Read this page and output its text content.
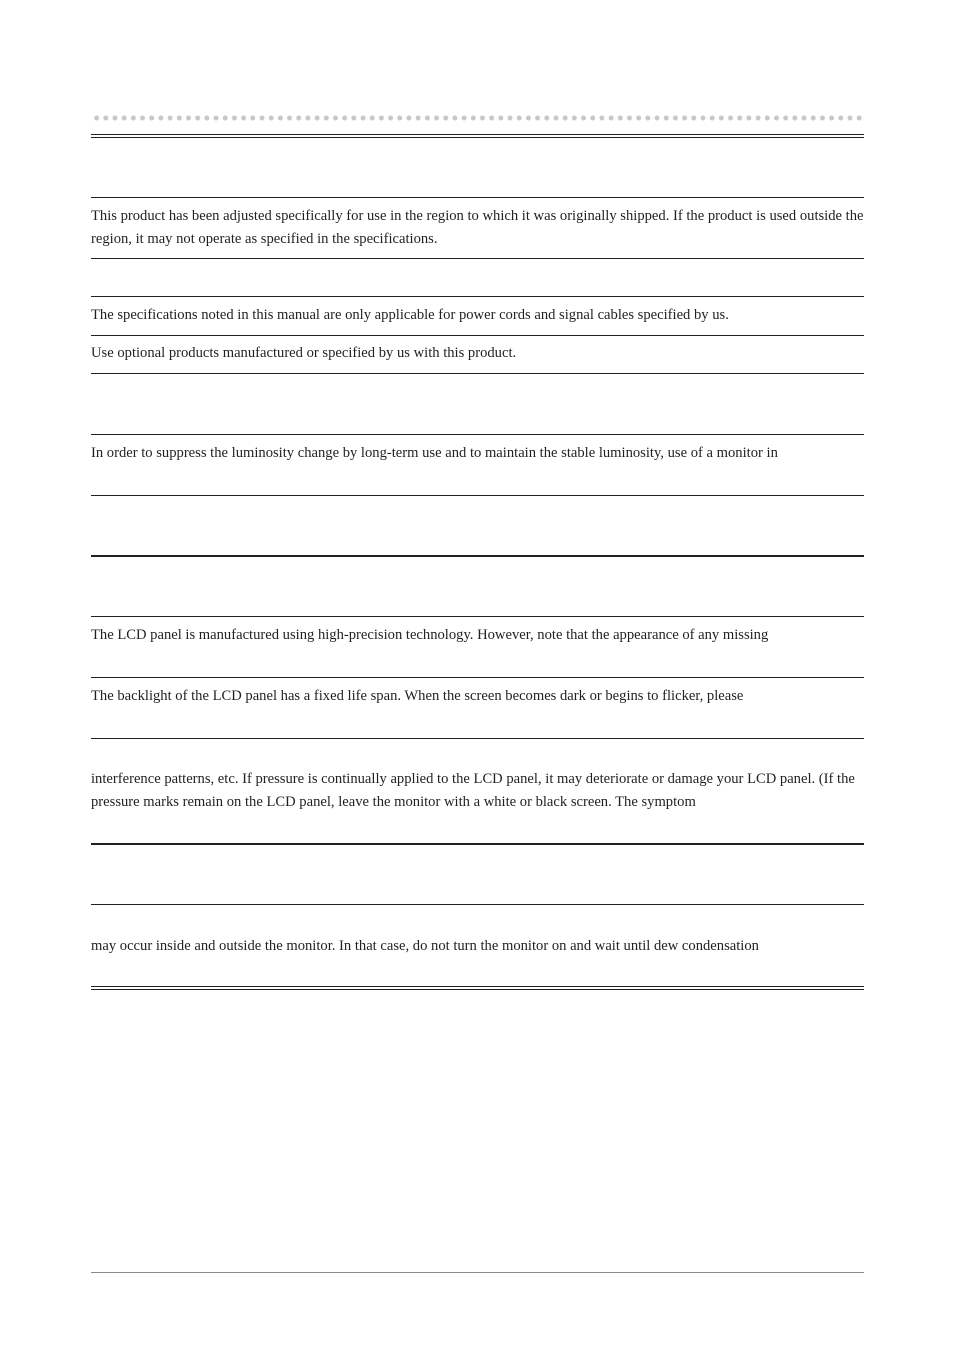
This product has been adjusted specifically for use in the region to which it was originally shipped. If the product is used outside the region, it may not operate as specified in the specifications.

The specifications noted in this manual are only applicable for power cords and signal cables specified by us.

Use optional products manufactured or specified by us with this product.

In order to suppress the luminosity change by long-term use and to maintain the stable luminosity, use of a monitor in

The LCD panel is manufactured using high-precision technology. However, note that the appearance of any missing

The backlight of the LCD panel has a fixed life span. When the screen becomes dark or begins to flicker, please

interference patterns, etc. If pressure is continually applied to the LCD panel, it may deteriorate or damage your LCD panel. (If the pressure marks remain on the LCD panel, leave the monitor with a white or black screen. The symptom

may occur inside and outside the monitor. In that case, do not turn the monitor on and wait until dew condensation
